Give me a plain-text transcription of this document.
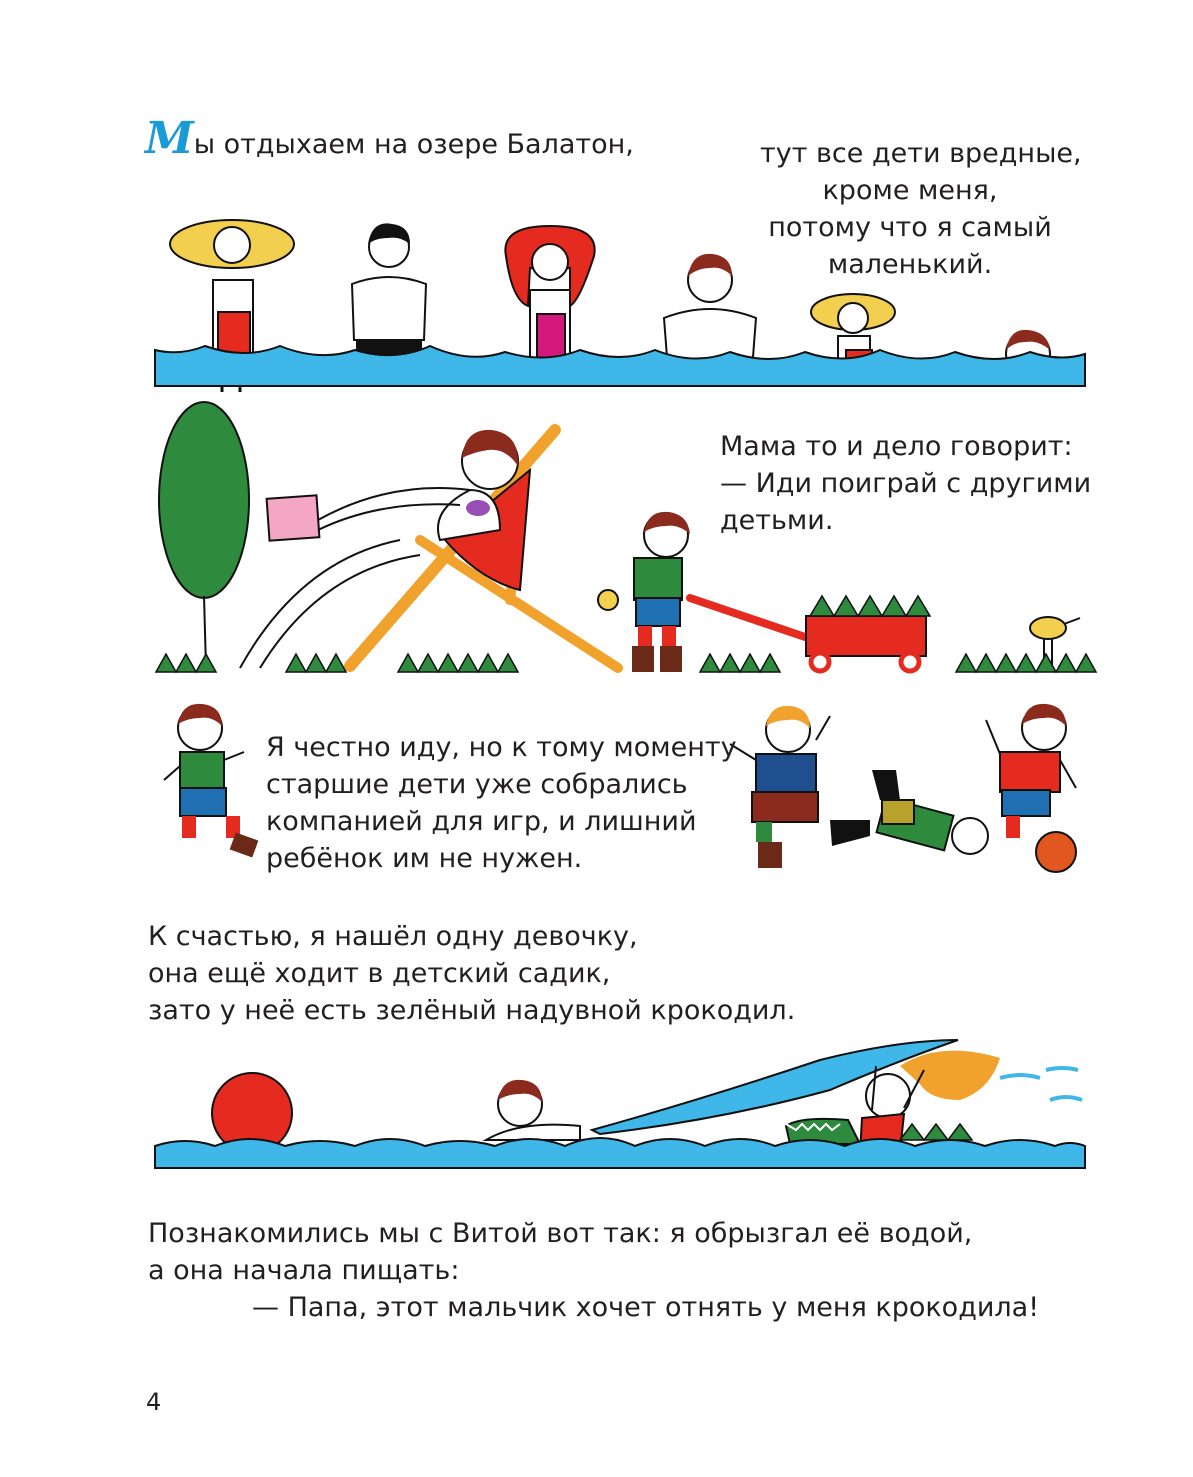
Мы отдыхаем на озере Балатон,	тут все дети вредные,
кроме меня,
потому что я самый
маленький.
Мама то и дело говорит:
— Иди поиграй с другими
детьми.
Я честно иду, но к тому моменту
старшие дети уже собрались
компанией для игр, и лишний
ребёнок им не нужен.
К счастью, я нашёл одну девочку,
она ещё ходит в детский садик,
зато у неё есть зелёный надувной крокодил.
Познакомились мы с Витой вот так: я обрызгал её водой,
а она начала пищать:
— Папа, этот мальчик хочет отнять у меня крокодила!
4
